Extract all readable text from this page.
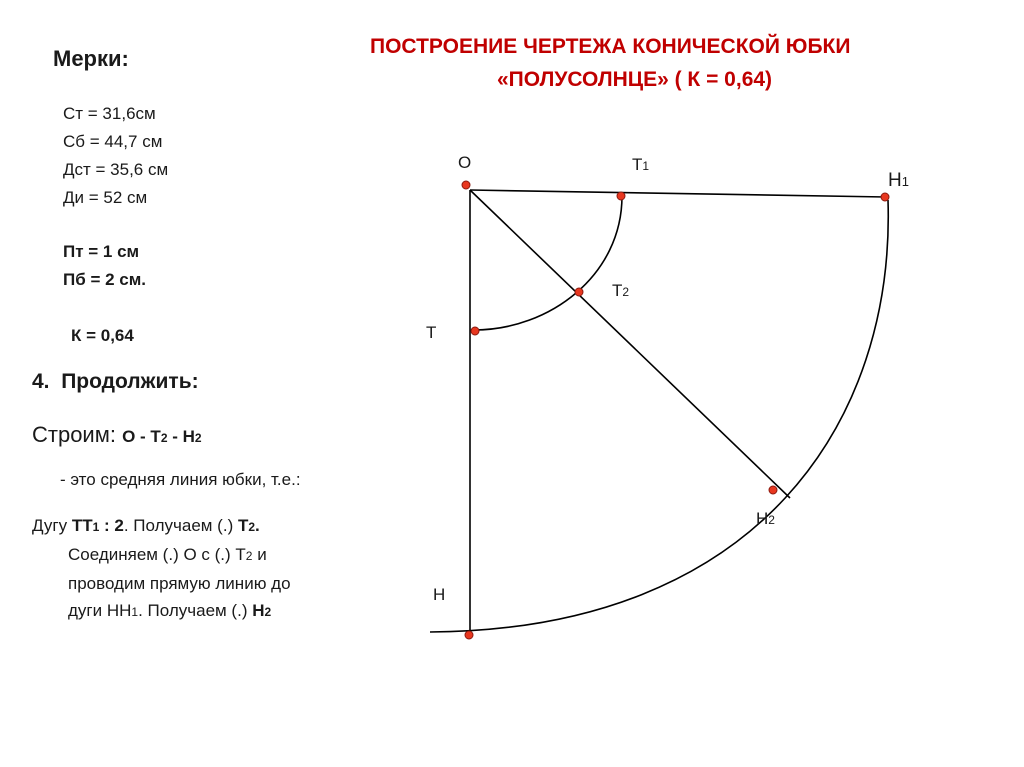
ПОСТРОЕНИЕ ЧЕРТЕЖА КОНИЧЕСКОЙ ЮБКИ
«ПОЛУСОЛНЦЕ» ( К = 0,64)
Мерки:
Ст = 31,6см
Сб = 44,7 см
Дст = 35,6 см
Ди = 52 см
Пт = 1 см
Пб = 2 см.
К = 0,64
4. Продолжить:
Строим: О - Т2 - Н2
- это средняя линия юбки, т.е.:
Дугу ТТ1 : 2. Получаем (.) Т2.
Соединяем (.) О с (.) Т2 и
проводим прямую линию до
дуги НН1. Получаем (.) Н2
О	Т1
Н1
Т2
Т
Н2
Н
